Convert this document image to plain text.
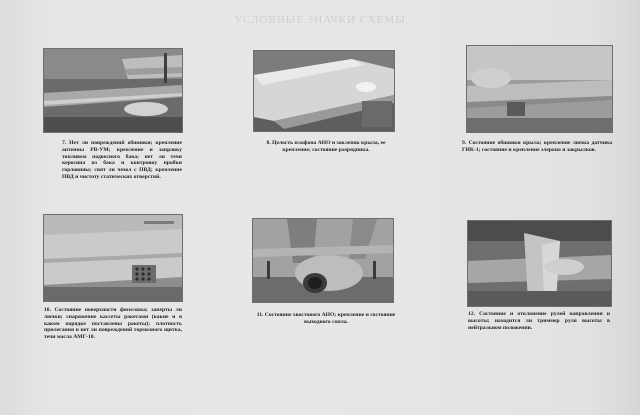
УСЛОВНЫЕ ЗНАЧКИ СХЕМЫ
7. Нет ли повреждений обшивки; крепление антенны РВ-УМ; крепление и заправку топливом подвесного бака; нет ли течи керосина из бака и контровку пробки горловины; снят ли чехол с ПВД; крепление ПВД и чистоту статических отверстий.
8. Целость плафона АНО и заклепок крыла, ее крепление; состояние разрядника.
9. Состояние обшивки крыла; крепление лючка датчика ГИК-1; состояние и крепление элерона и закрылков.
10. Состояние поверхности фюзеляжа; заперты ли лючки; снаряжение кассеты ракетами (какие и в каком порядке поставлены ракеты); плотность прилегания и нет ли повреждений тормозного щитка, течи масла АМГ-10.
11. Состояние хвостового АНО; крепление и состояние выходного сопла.
12. Состояние и отклонение рулей направления и высоты; находится ли триммер руля высоты в нейтральном положении.
